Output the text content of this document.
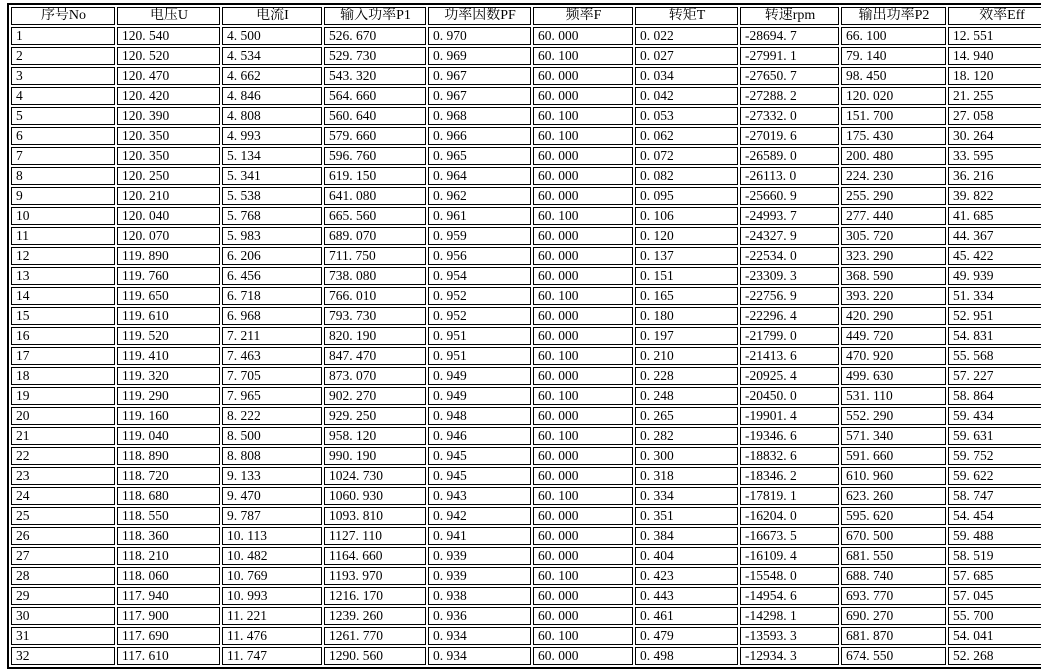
序号No	电压U	电流I	输入功率P1	功率因数PF	频率F	转矩T	转速rpm	输出功率P2	效率Eff
1	120. 540	4. 500	526. 670	0. 970	60. 000	0. 022	-28694. 7	66. 100	12. 551
2	120. 520	4. 534	529. 730	0. 969	60. 100	0. 027	-27991. 1	79. 140	14. 940
3	120. 470	4. 662	543. 320	0. 967	60. 000	0. 034	-27650. 7	98. 450	18. 120
4	120. 420	4. 846	564. 660	0. 967	60. 000	0. 042	-27288. 2	120. 020	21. 255
5	120. 390	4. 808	560. 640	0. 968	60. 100	0. 053	-27332. 0	151. 700	27. 058
6	120. 350	4. 993	579. 660	0. 966	60. 100	0. 062	-27019. 6	175. 430	30. 264
7	120. 350	5. 134	596. 760	0. 965	60. 000	0. 072	-26589. 0	200. 480	33. 595
8	120. 250	5. 341	619. 150	0. 964	60. 000	0. 082	-26113. 0	224. 230	36. 216
9	120. 210	5. 538	641. 080	0. 962	60. 000	0. 095	-25660. 9	255. 290	39. 822
10	120. 040	5. 768	665. 560	0. 961	60. 100	0. 106	-24993. 7	277. 440	41. 685
11	120. 070	5. 983	689. 070	0. 959	60. 000	0. 120	-24327. 9	305. 720	44. 367
12	119. 890	6. 206	711. 750	0. 956	60. 000	0. 137	-22534. 0	323. 290	45. 422
13	119. 760	6. 456	738. 080	0. 954	60. 000	0. 151	-23309. 3	368. 590	49. 939
14	119. 650	6. 718	766. 010	0. 952	60. 100	0. 165	-22756. 9	393. 220	51. 334
15	119. 610	6. 968	793. 730	0. 952	60. 000	0. 180	-22296. 4	420. 290	52. 951
16	119. 520	7. 211	820. 190	0. 951	60. 000	0. 197	-21799. 0	449. 720	54. 831
17	119. 410	7. 463	847. 470	0. 951	60. 100	0. 210	-21413. 6	470. 920	55. 568
18	119. 320	7. 705	873. 070	0. 949	60. 000	0. 228	-20925. 4	499. 630	57. 227
19	119. 290	7. 965	902. 270	0. 949	60. 100	0. 248	-20450. 0	531. 110	58. 864
20	119. 160	8. 222	929. 250	0. 948	60. 000	0. 265	-19901. 4	552. 290	59. 434
21	119. 040	8. 500	958. 120	0. 946	60. 100	0. 282	-19346. 6	571. 340	59. 631
22	118. 890	8. 808	990. 190	0. 945	60. 000	0. 300	-18832. 6	591. 660	59. 752
23	118. 720	9. 133	1024. 730	0. 945	60. 000	0. 318	-18346. 2	610. 960	59. 622
24	118. 680	9. 470	1060. 930	0. 943	60. 100	0. 334	-17819. 1	623. 260	58. 747
25	118. 550	9. 787	1093. 810	0. 942	60. 000	0. 351	-16204. 0	595. 620	54. 454
26	118. 360	10. 113	1127. 110	0. 941	60. 000	0. 384	-16673. 5	670. 500	59. 488
27	118. 210	10. 482	1164. 660	0. 939	60. 000	0. 404	-16109. 4	681. 550	58. 519
28	118. 060	10. 769	1193. 970	0. 939	60. 100	0. 423	-15548. 0	688. 740	57. 685
29	117. 940	10. 993	1216. 170	0. 938	60. 000	0. 443	-14954. 6	693. 770	57. 045
30	117. 900	11. 221	1239. 260	0. 936	60. 000	0. 461	-14298. 1	690. 270	55. 700
31	117. 690	11. 476	1261. 770	0. 934	60. 100	0. 479	-13593. 3	681. 870	54. 041
32	117. 610	11. 747	1290. 560	0. 934	60. 000	0. 498	-12934. 3	674. 550	52. 268
